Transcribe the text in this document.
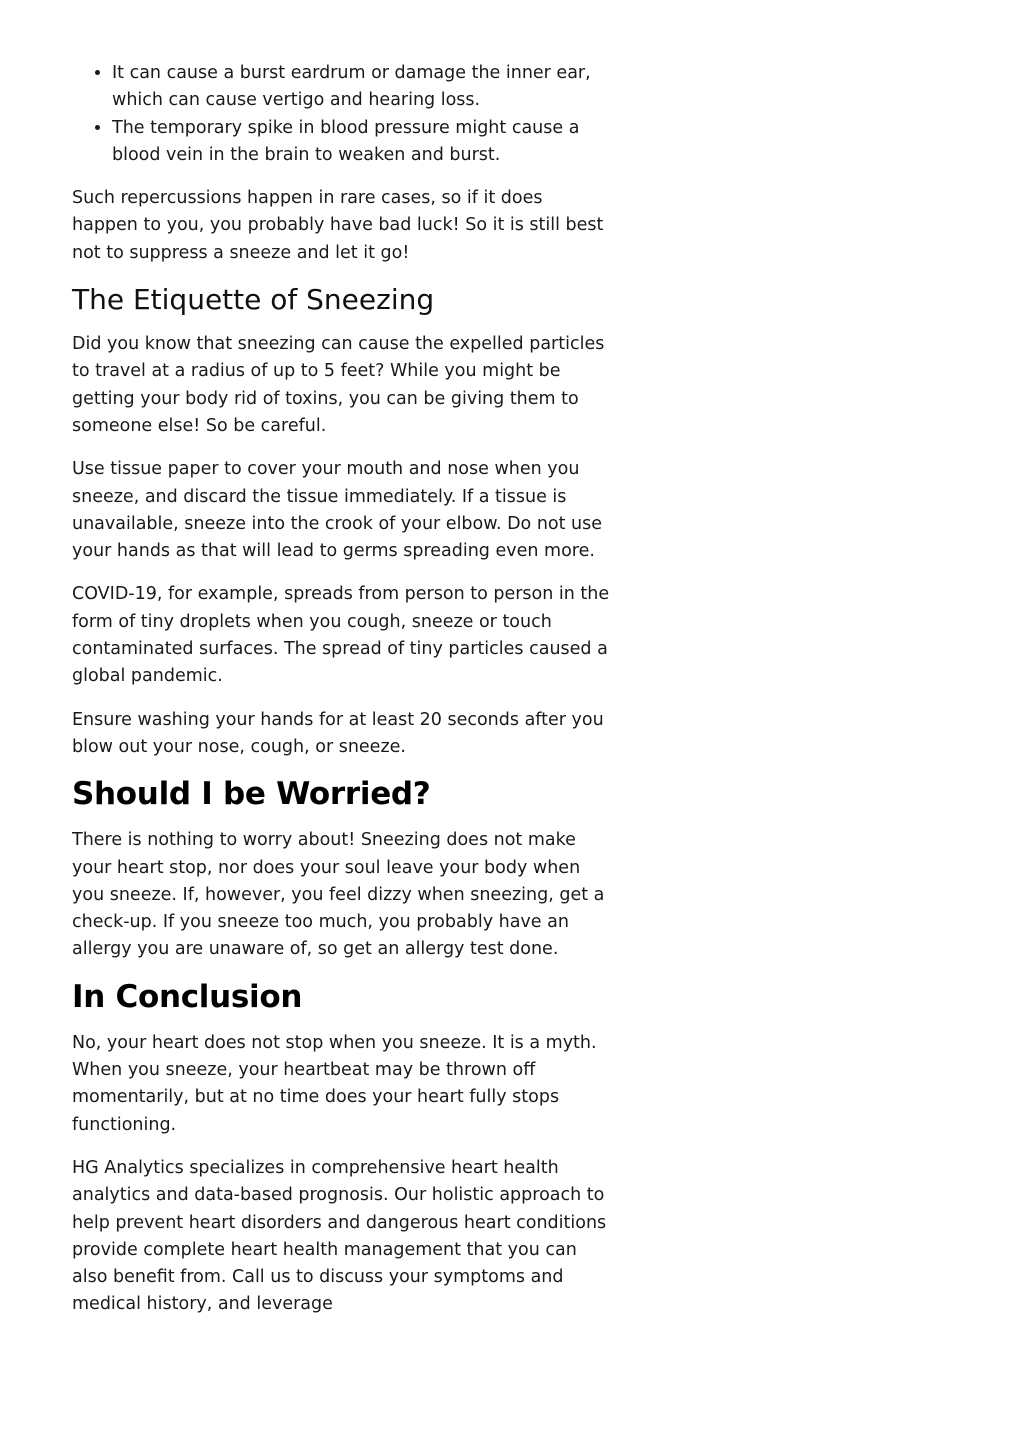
• It can cause a burst eardrum or damage the inner ear, which can cause vertigo and hearing loss.
• The temporary spike in blood pressure might cause a blood vein in the brain to weaken and burst.

Such repercussions happen in rare cases, so if it does happen to you, you probably have bad luck! So it is still best not to suppress a sneeze and let it go!

The Etiquette of Sneezing

Did you know that sneezing can cause the expelled particles to travel at a radius of up to 5 feet? While you might be getting your body rid of toxins, you can be giving them to someone else! So be careful.

Use tissue paper to cover your mouth and nose when you sneeze, and discard the tissue immediately. If a tissue is unavailable, sneeze into the crook of your elbow. Do not use your hands as that will lead to germs spreading even more.

COVID-19, for example, spreads from person to person in the form of tiny droplets when you cough, sneeze or touch contaminated surfaces. The spread of tiny particles caused a global pandemic.

Ensure washing your hands for at least 20 seconds after you blow out your nose, cough, or sneeze.

Should I be Worried?

There is nothing to worry about! Sneezing does not make your heart stop, nor does your soul leave your body when you sneeze. If, however, you feel dizzy when sneezing, get a check-up. If you sneeze too much, you probably have an allergy you are unaware of, so get an allergy test done.

In Conclusion

No, your heart does not stop when you sneeze. It is a myth. When you sneeze, your heartbeat may be thrown off momentarily, but at no time does your heart fully stops functioning.

HG Analytics specializes in comprehensive heart health analytics and data-based prognosis. Our holistic approach to help prevent heart disorders and dangerous heart conditions provide complete heart health management that you can also benefit from. Call us to discuss your symptoms and medical history, and leverage
